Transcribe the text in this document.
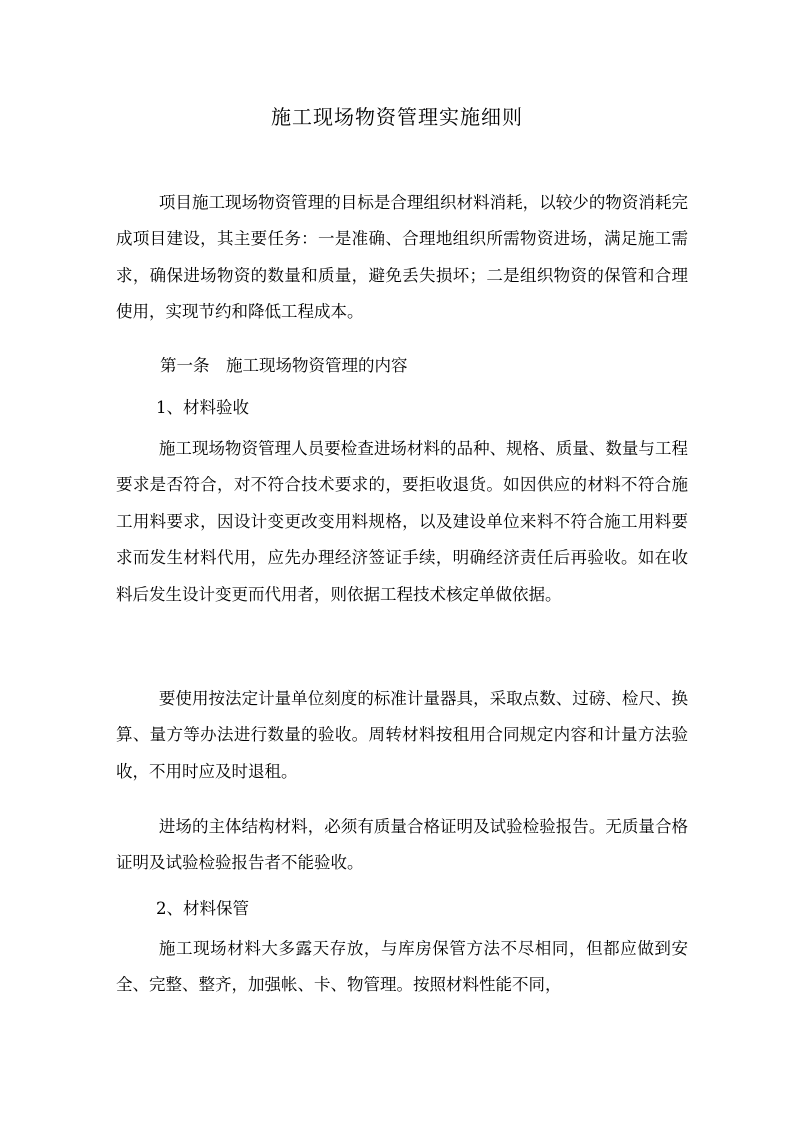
施工现场物资管理实施细则

项目施工现场物资管理的目标是合理组织材料消耗，以较少的物资消耗完成项目建设，其主要任务：一是准确、合理地组织所需物资进场，满足施工需求，确保进场物资的数量和质量，避免丢失损坏；二是组织物资的保管和合理使用，实现节约和降低工程成本。

第一条　施工现场物资管理的内容

1、材料验收

施工现场物资管理人员要检查进场材料的品种、规格、质量、数量与工程要求是否符合，对不符合技术要求的，要拒收退货。如因供应的材料不符合施工用料要求，因设计变更改变用料规格，以及建设单位来料不符合施工用料要求而发生材料代用，应先办理经济签证手续，明确经济责任后再验收。如在收料后发生设计变更而代用者，则依据工程技术核定单做依据。

要使用按法定计量单位刻度的标准计量器具，采取点数、过磅、检尺、换算、量方等办法进行数量的验收。周转材料按租用合同规定内容和计量方法验收，不用时应及时退租。

进场的主体结构材料，必须有质量合格证明及试验检验报告。无质量合格证明及试验检验报告者不能验收。

2、材料保管

施工现场材料大多露天存放，与库房保管方法不尽相同，但都应做到安全、完整、整齐，加强帐、卡、物管理。按照材料性能不同，
